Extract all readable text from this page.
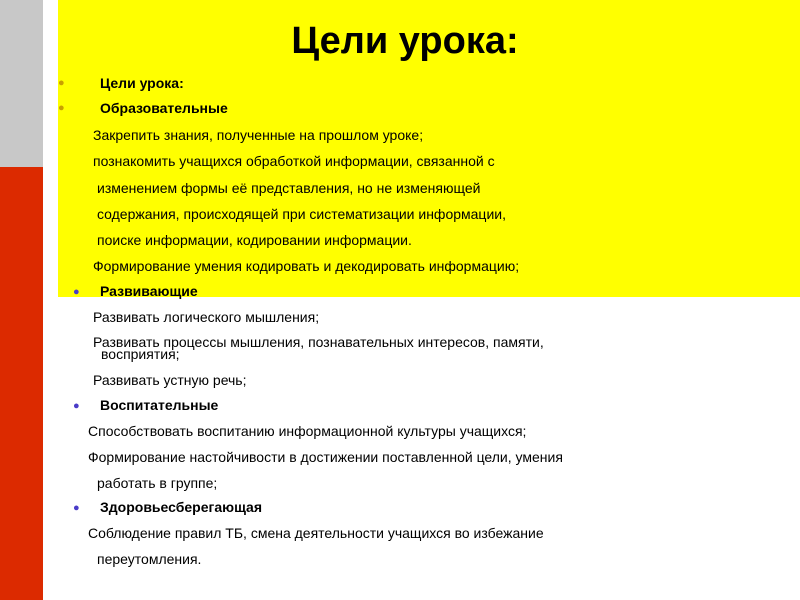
Цели урока:
●	Цели урока:
●	Образовательные
Закрепить знания, полученные на прошлом уроке;
познакомить учащихся обработкой информации, связанной с
изменением формы её представления, но не изменяющей
содержания, происходящей при систематизации информации,
поиске информации, кодировании информации.
Формирование умения кодировать и декодировать информацию;
● Развивающие
Развивать логического мышления;
Развивать процессы мышления, познавательных интересов, памяти,
восприятия;
Развивать устную речь;
● Воспитательные
Способствовать воспитанию информационной культуры учащихся;
Формирование настойчивости в достижении поставленной цели, умения
работать в группе;
● Здоровьесберегающая
Соблюдение правил ТБ, смена деятельности учащихся во избежание
переутомления.
